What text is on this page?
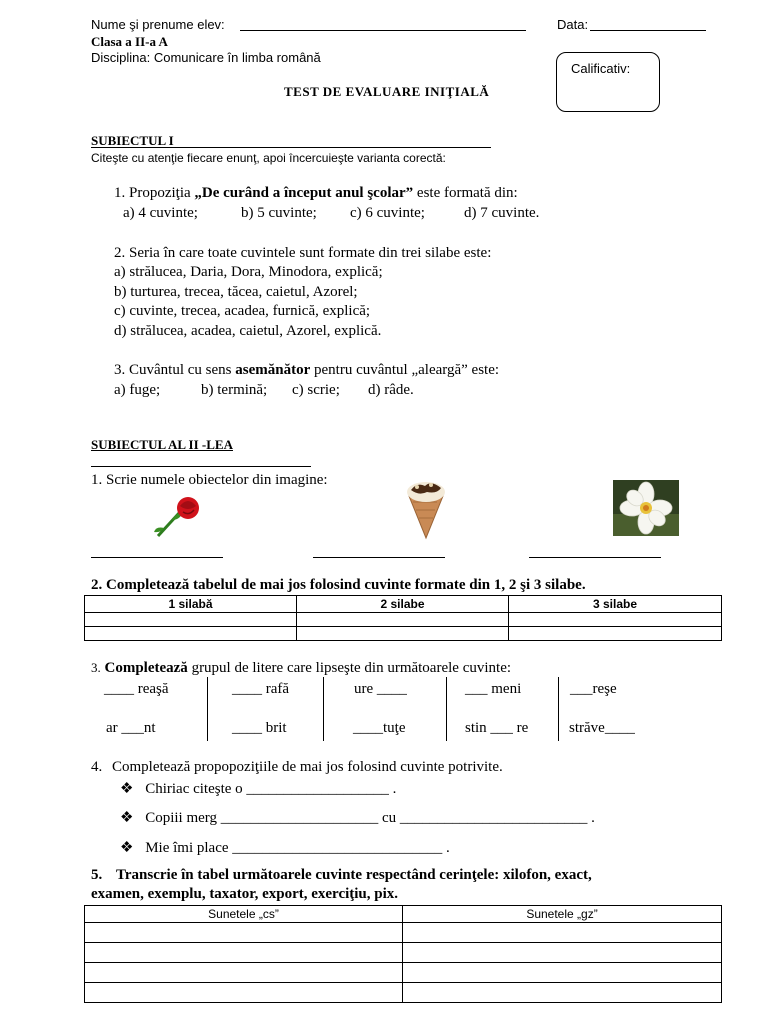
Nume şi prenume elev:	Data:
Clasa a II-a A
Disciplina: Comunicare în limba română
Calificativ:
TEST DE EVALUARE INIŢIALĂ
SUBIECTUL I
Citeşte cu atenţie fiecare enunţ, apoi încercuieşte varianta corectă:
1. Propoziţia „De curând a început anul şcolar” este formată din:
a) 4 cuvinte;	b) 5 cuvinte; c) 6 cuvinte;	d) 7 cuvinte.
2. Seria în care toate cuvintele sunt formate din trei silabe este:
a) strălucea, Daria, Dora, Minodora, explică;
b) turturea, trecea, tăcea, caietul, Azorel;
c) cuvinte, trecea, acadea, furnică, explică;
d) strălucea, acadea, caietul, Azorel, explică.
3. Cuvântul cu sens asemănător pentru cuvântul „aleargă” este:
a) fuge;	b) termină; c) scrie; d) râde.
SUBIECTUL AL II -LEA
1. Scrie numele obiectelor din imagine:
2. Completează tabelul de mai jos folosind cuvinte formate din 1, 2 şi 3 silabe.
1 silabă	2 silabe	3 silabe

3. Completează grupul de litere care lipseşte din următoarele cuvinte:
____ reaşă	____ rafă	ure ____	___ meni	___reşe
ar ___nt	____ brit	____tuţe	stin ___ re	străve____
4. Completează propopoziţiile de mai jos folosind cuvinte potrivite.
❖ Chiriac citeşte o ___________________ .
❖ Copiii merg _____________________ cu _________________________ .
❖ Mie îmi place ____________________________ .
5. Transcrie în tabel următoarele cuvinte respectând cerinţele: xilofon, exact,
examen, exemplu, taxator, export, exerciţiu, pix.
Sunetele „cs”	Sunetele „gz”
